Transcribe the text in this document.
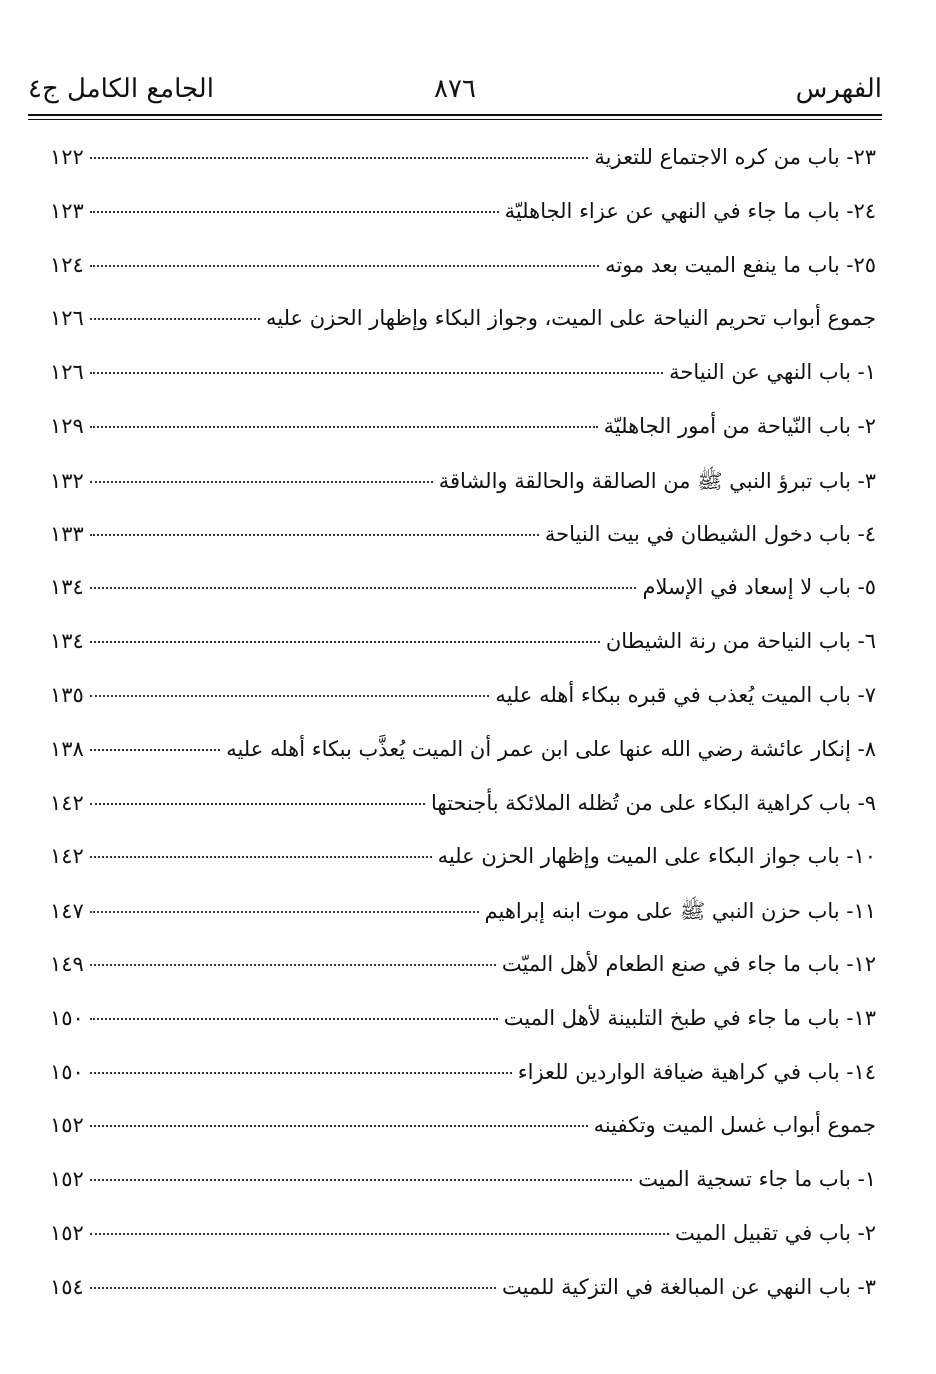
الفهرس
٨٧٦
الجامع الكامل ج٤
٢٣- باب من كره الاجتماع للتعزية
١٢٢
٢٤- باب ما جاء في النهي عن عزاء الجاهليّة
١٢٣
٢٥- باب ما ينفع الميت بعد موته
١٢٤
جموع أبواب تحريم النياحة على الميت، وجواز البكاء وإظهار الحزن عليه
١٢٦
١- باب النهي عن النياحة
١٢٦
٢- باب النّياحة من أمور الجاهليّة
١٢٩
٣- باب تبرؤ النبي ﷺ من الصالقة والحالقة والشاقة
١٣٢
٤- باب دخول الشيطان في بيت النياحة
١٣٣
٥- باب لا إسعاد في الإسلام
١٣٤
٦- باب النياحة من رنة الشيطان
١٣٤
٧- باب الميت يُعذب في قبره ببكاء أهله عليه
١٣٥
٨- إنكار عائشة رضي الله عنها على ابن عمر أن الميت يُعذَّب ببكاء أهله عليه
١٣٨
٩- باب كراهية البكاء على من تُظله الملائكة بأجنحتها
١٤٢
١٠- باب جواز البكاء على الميت وإظهار الحزن عليه
١٤٢
١١- باب حزن النبي ﷺ على موت ابنه إبراهيم
١٤٧
١٢- باب ما جاء في صنع الطعام لأهل الميّت
١٤٩
١٣- باب ما جاء في طبخ التلبينة لأهل الميت
١٥٠
١٤- باب في كراهية ضيافة الواردين للعزاء
١٥٠
جموع أبواب غسل الميت وتكفينه
١٥٢
١- باب ما جاء تسجية الميت
١٥٢
٢- باب في تقبيل الميت
١٥٢
٣- باب النهي عن المبالغة في التزكية للميت
١٥٤
